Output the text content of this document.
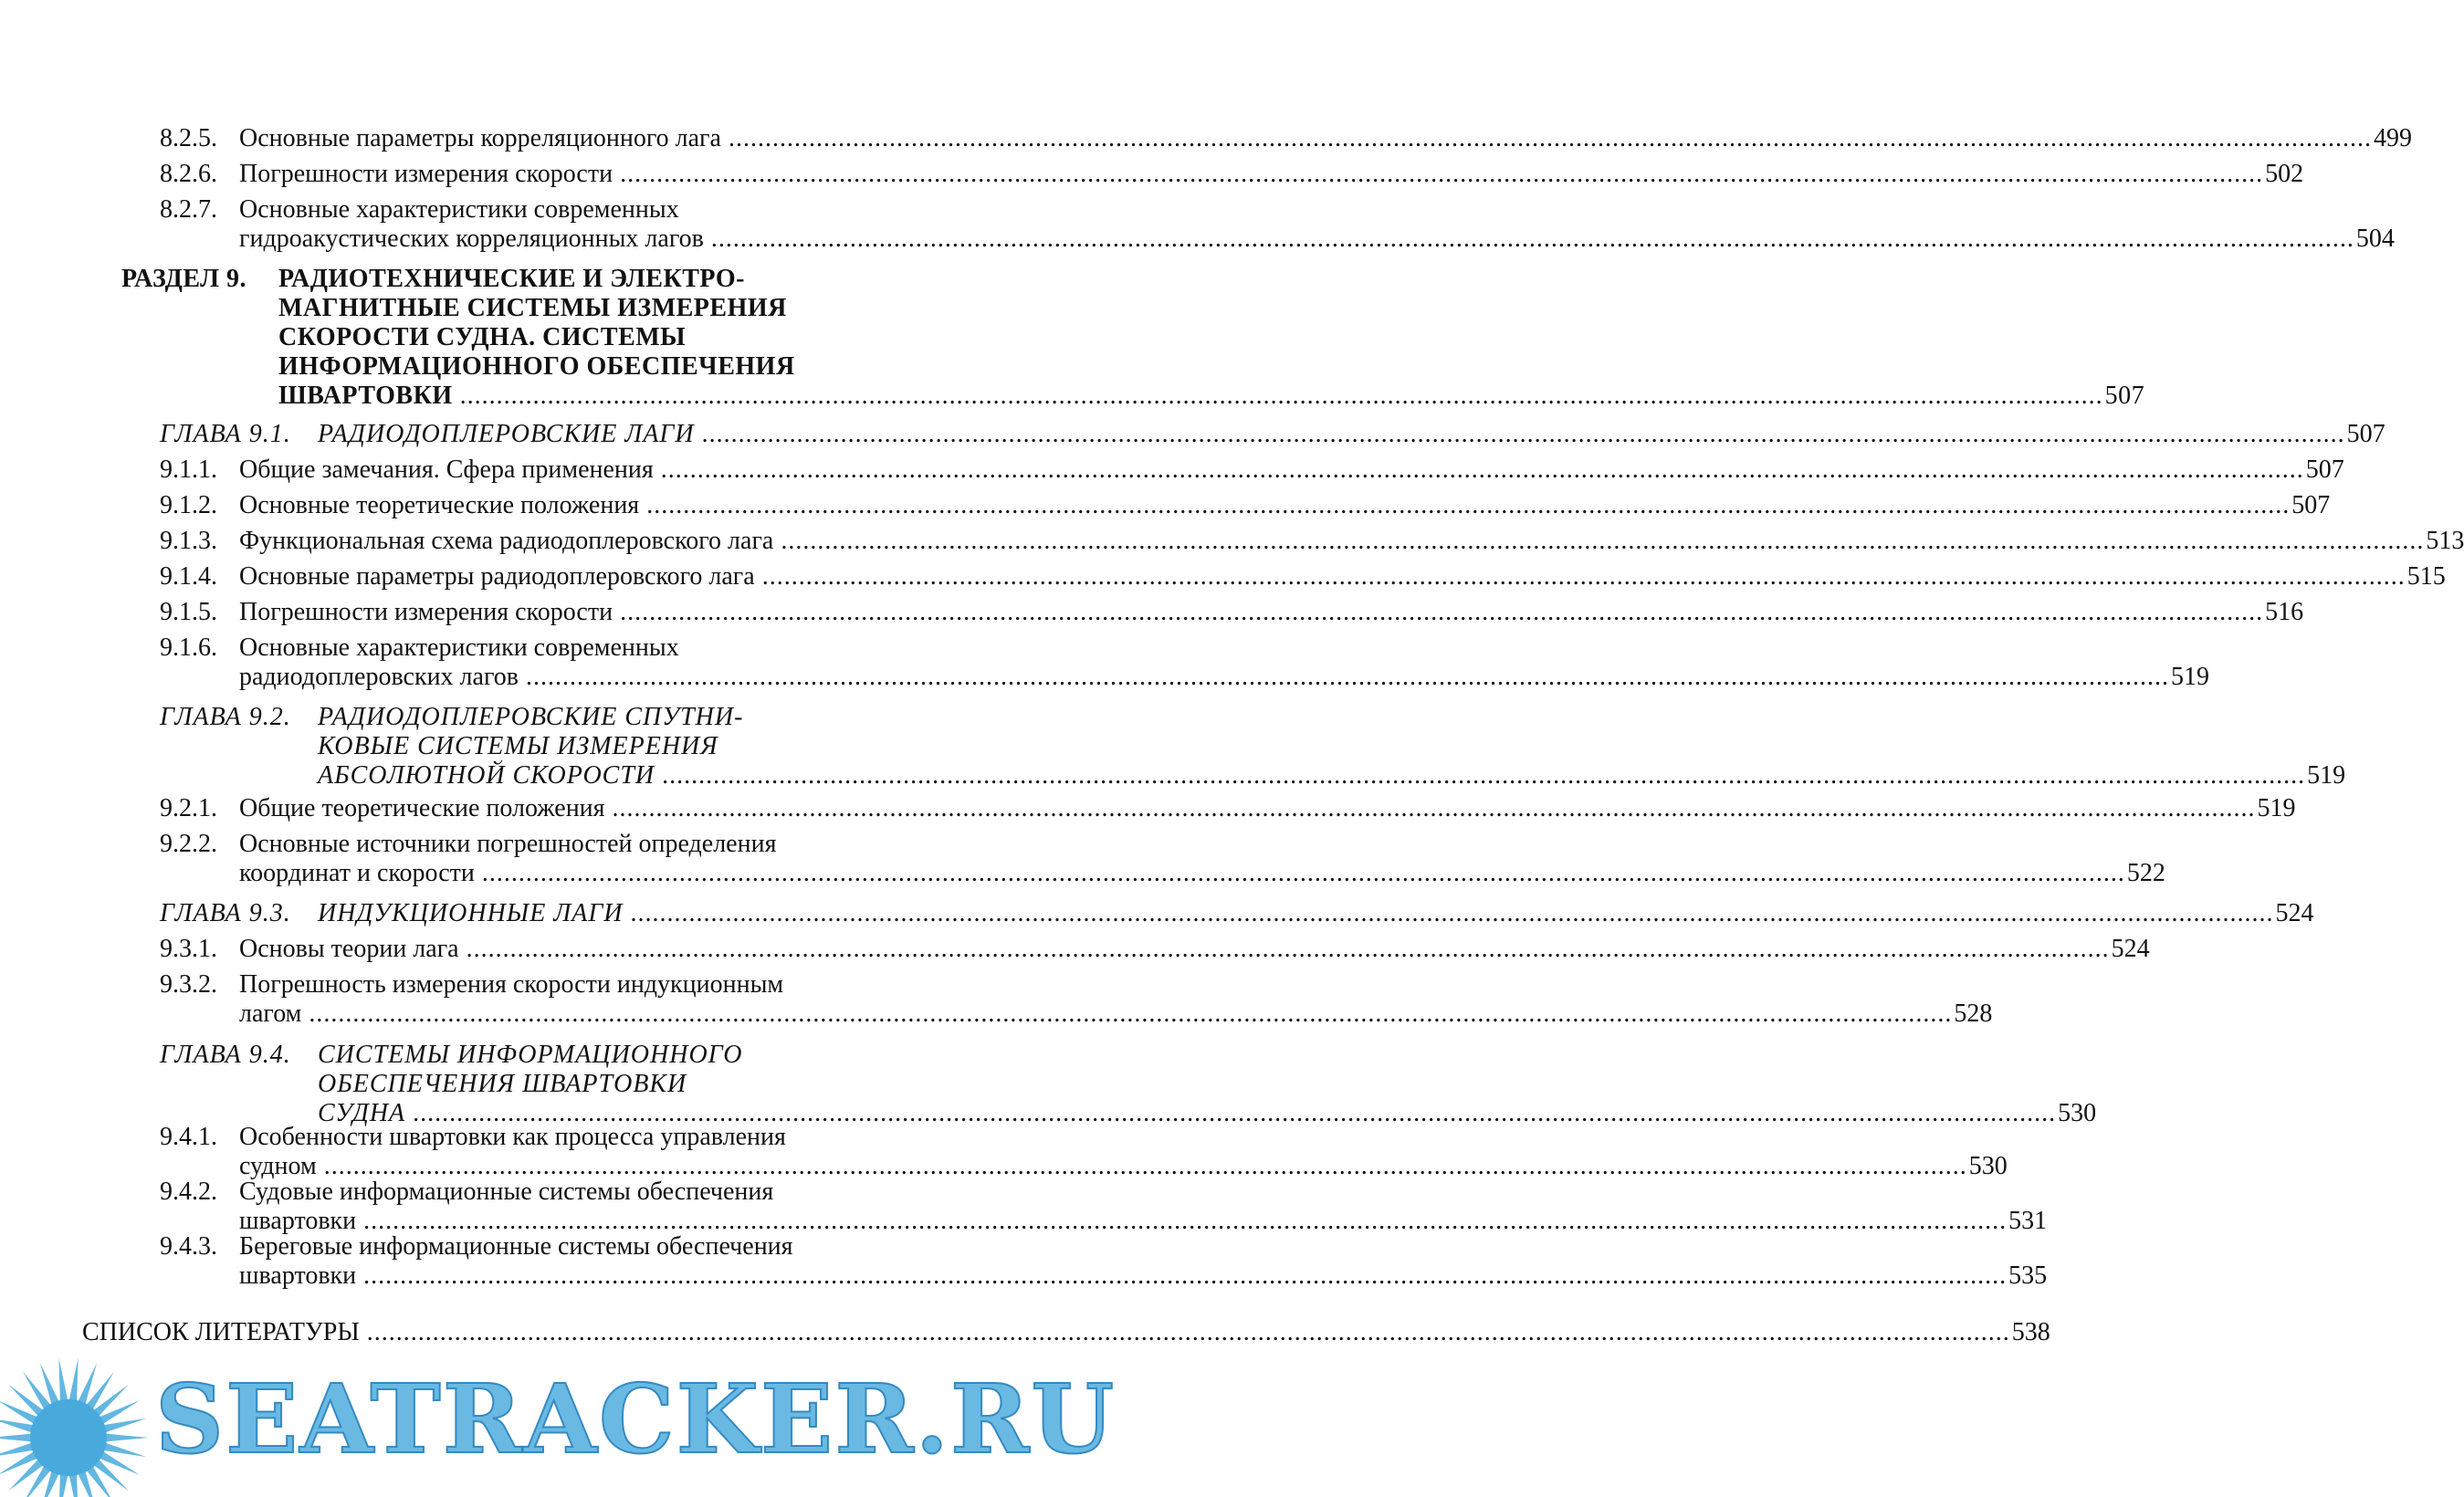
8.2.5. Основные параметры корреляционного лага .....	499
8.2.6. Погрешности измерения скорости .....	502
8.2.7. Основные характеристики современных
гидроакустических корреляционных лагов .....	504
РАЗДЕЛ 9. РАДИОТЕХНИЧЕСКИЕ И ЭЛЕКТРО-
МАГНИТНЫЕ СИСТЕМЫ ИЗМЕРЕНИЯ
СКОРОСТИ СУДНА. СИСТЕМЫ
ИНФОРМАЦИОННОГО ОБЕСПЕЧЕНИЯ
ШВАРТОВКИ .....	507
ГЛАВА 9.1. РАДИОДОПЛЕРОВСКИЕ ЛАГИ .....	507
9.1.1. Общие замечания. Сфера применения .....	507
9.1.2. Основные теоретические положения .....	507
9.1.3. Функциональная схема радиодоплеровского лага .....	513
9.1.4. Основные параметры радиодоплеровского лага .....	515
9.1.5. Погрешности измерения скорости .....	516
9.1.6. Основные характеристики современных
радиодоплеровских лагов .....	519
ГЛАВА 9.2. РАДИОДОПЛЕРОВСКИЕ СПУТНИ-
КОВЫЕ СИСТЕМЫ ИЗМЕРЕНИЯ
АБСОЛЮТНОЙ СКОРОСТИ .....	519
9.2.1. Общие теоретические положения .....	519
9.2.2. Основные источники погрешностей определения
координат и скорости .....	522
ГЛАВА 9.3. ИНДУКЦИОННЫЕ ЛАГИ .....	524
9.3.1. Основы теории лага .....	524
9.3.2. Погрешность измерения скорости индукционным
лагом .....	528
ГЛАВА 9.4. СИСТЕМЫ ИНФОРМАЦИОННОГО
ОБЕСПЕЧЕНИЯ ШВАРТОВКИ
СУДНА .....	530
9.4.1. Особенности швартовки как процесса управления
судном .....	530
9.4.2. Судовые информационные системы обеспечения
швартовки .....	531
9.4.3. Береговые информационные системы обеспечения
швартовки .....	535
СПИСОК ЛИТЕРАТУРЫ .....	538
SEATRACKER.RU
